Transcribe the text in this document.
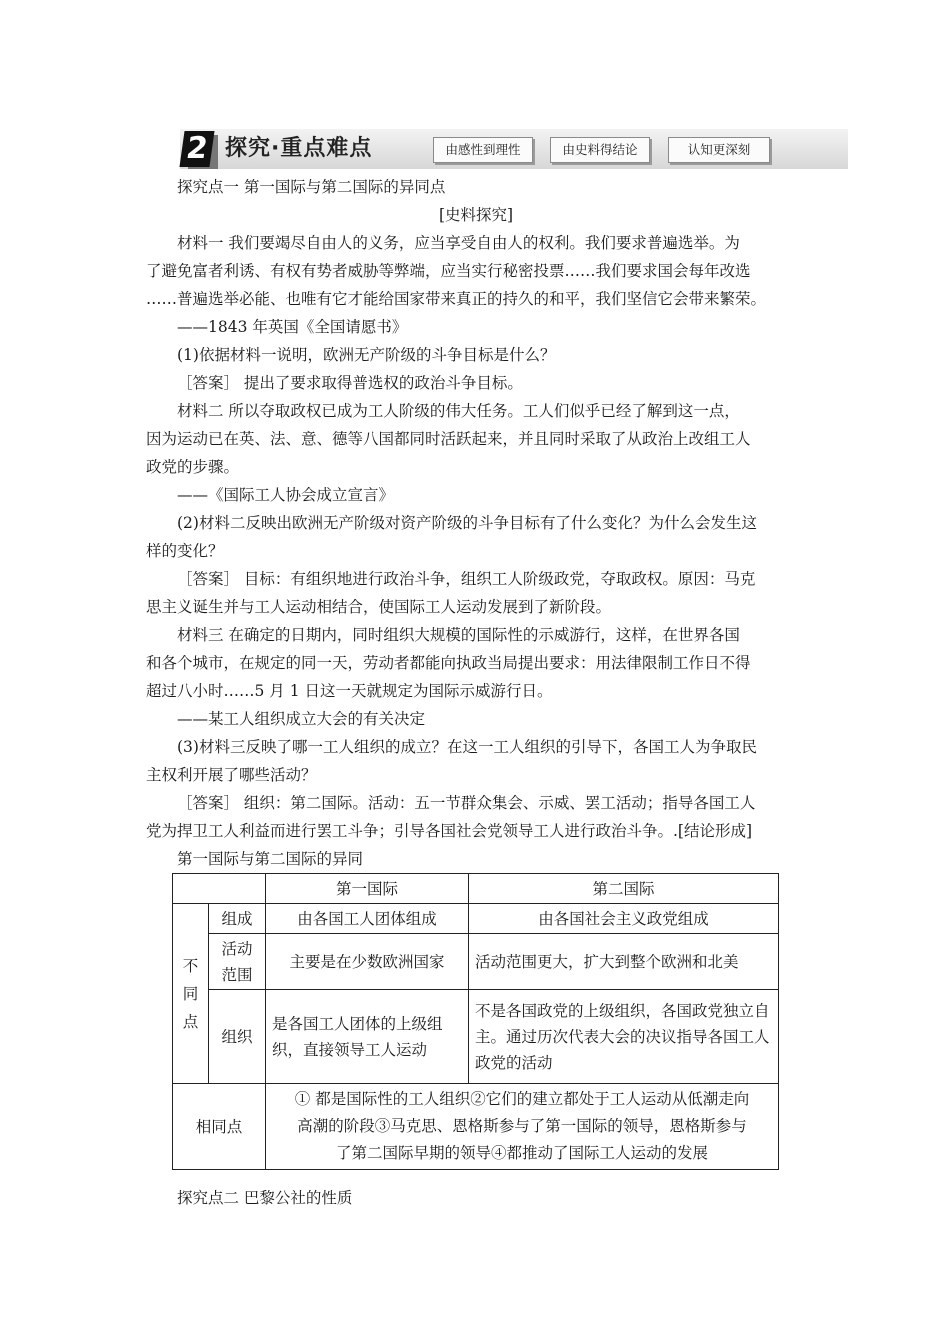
2 探究·重点难点	由感性到理性	由史料得结论	认知更深刻
探究点一 第一国际与第二国际的异同点
[史料探究]
材料一 我们要竭尽自由人的义务，应当享受自由人的权利。我们要求普遍选举。为
了避免富者利诱、有权有势者威胁等弊端，应当实行秘密投票……我们要求国会每年改选
……普遍选举必能、也唯有它才能给国家带来真正的持久的和平，我们坚信它会带来繁荣。
——1843 年英国《全国请愿书》
(1)依据材料一说明，欧洲无产阶级的斗争目标是什么？
［答案］ 提出了要求取得普选权的政治斗争目标。
材料二 所以夺取政权已成为工人阶级的伟大任务。工人们似乎已经了解到这一点，
因为运动已在英、法、意、德等八国都同时活跃起来，并且同时采取了从政治上改组工人
政党的步骤。
——《国际工人协会成立宣言》
(2)材料二反映出欧洲无产阶级对资产阶级的斗争目标有了什么变化？为什么会发生这
样的变化？
［答案］ 目标：有组织地进行政治斗争，组织工人阶级政党，夺取政权。原因：马克
思主义诞生并与工人运动相结合，使国际工人运动发展到了新阶段。
材料三 在确定的日期内，同时组织大规模的国际性的示威游行，这样，在世界各国
和各个城市，在规定的同一天，劳动者都能向执政当局提出要求：用法律限制工作日不得
超过八小时……5 月 1 日这一天就规定为国际示威游行日。
——某工人组织成立大会的有关决定
(3)材料三反映了哪一工人组织的成立？在这一工人组织的引导下，各国工人为争取民
主权利开展了哪些活动？
［答案］ 组织：第二国际。活动：五一节群众集会、示威、罢工活动；指导各国工人
党为捍卫工人利益而进行罢工斗争；引导各国社会党领导工人进行政治斗争。.[结论形成]
第一国际与第二国际的异同
		第一国际	第二国际
不同点	组成	由各国工人团体组成	由各国社会主义政党组成
	活动范围	主要是在少数欧洲国家	活动范围更大，扩大到整个欧洲和北美
	组织	是各国工人团体的上级组织，直接领导工人运动	不是各国政党的上级组织，各国政党独立自主。通过历次代表大会的决议指导各国工人政党的活动
相同点		① 都是国际性的工人组织②它们的建立都处于工人运动从低潮走向
高潮的阶段③马克思、恩格斯参与了第一国际的领导，恩格斯参与
了第二国际早期的领导④都推动了国际工人运动的发展	
探究点二 巴黎公社的性质
